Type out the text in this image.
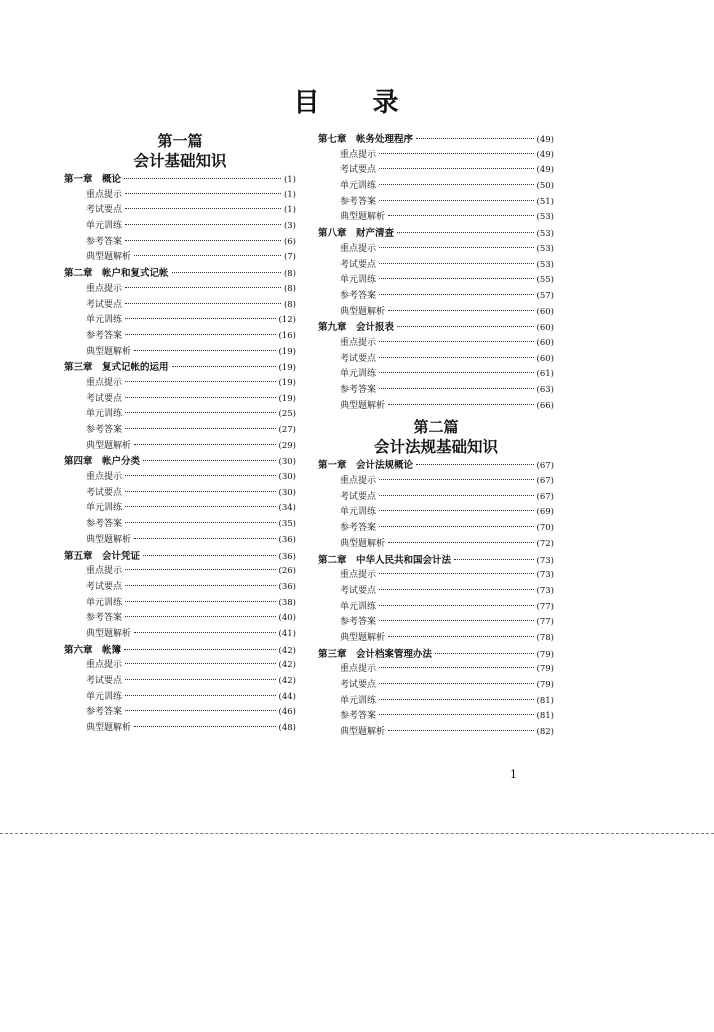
目 录
第一篇
会计基础知识
第一章　概论	(1)
重点提示	(1)
考试要点	(1)
单元训练	(3)
参考答案	(6)
典型题解析	(7)
第二章　帐户和复式记帐	(8)
重点提示	(8)
考试要点	(8)
单元训练	(12)
参考答案	(16)
典型题解析	(19)
第三章　复式记帐的运用	(19)
重点提示	(19)
考试要点	(19)
单元训练	(25)
参考答案	(27)
典型题解析	(29)
第四章　帐户分类	(30)
重点提示	(30)
考试要点	(30)
单元训练	(34)
参考答案	(35)
典型题解析	(36)
第五章　会计凭证	(36)
重点提示	(26)
考试要点	(36)
单元训练	(38)
参考答案	(40)
典型题解析	(41)
第六章　帐簿	(42)
重点提示	(42)
考试要点	(42)
单元训练	(44)
参考答案	(46)
典型题解析	(48)
第七章　帐务处理程序	(49)
重点提示	(49)
考试要点	(49)
单元训练	(50)
参考答案	(51)
典型题解析	(53)
第八章　财产清查	(53)
重点提示	(53)
考试要点	(53)
单元训练	(55)
参考答案	(57)
典型题解析	(60)
第九章　会计报表	(60)
重点提示	(60)
考试要点	(60)
单元训练	(61)
参考答案	(63)
典型题解析	(66)
第二篇
会计法规基础知识
第一章　会计法规概论	(67)
重点提示	(67)
考试要点	(67)
单元训练	(69)
参考答案	(70)
典型题解析	(72)
第二章　中华人民共和国会计法	(73)
重点提示	(73)
考试要点	(73)
单元训练	(77)
参考答案	(77)
典型题解析	(78)
第三章　会计档案管理办法	(79)
重点提示	(79)
考试要点	(79)
单元训练	(81)
参考答案	(81)
典型题解析	(82)
1
